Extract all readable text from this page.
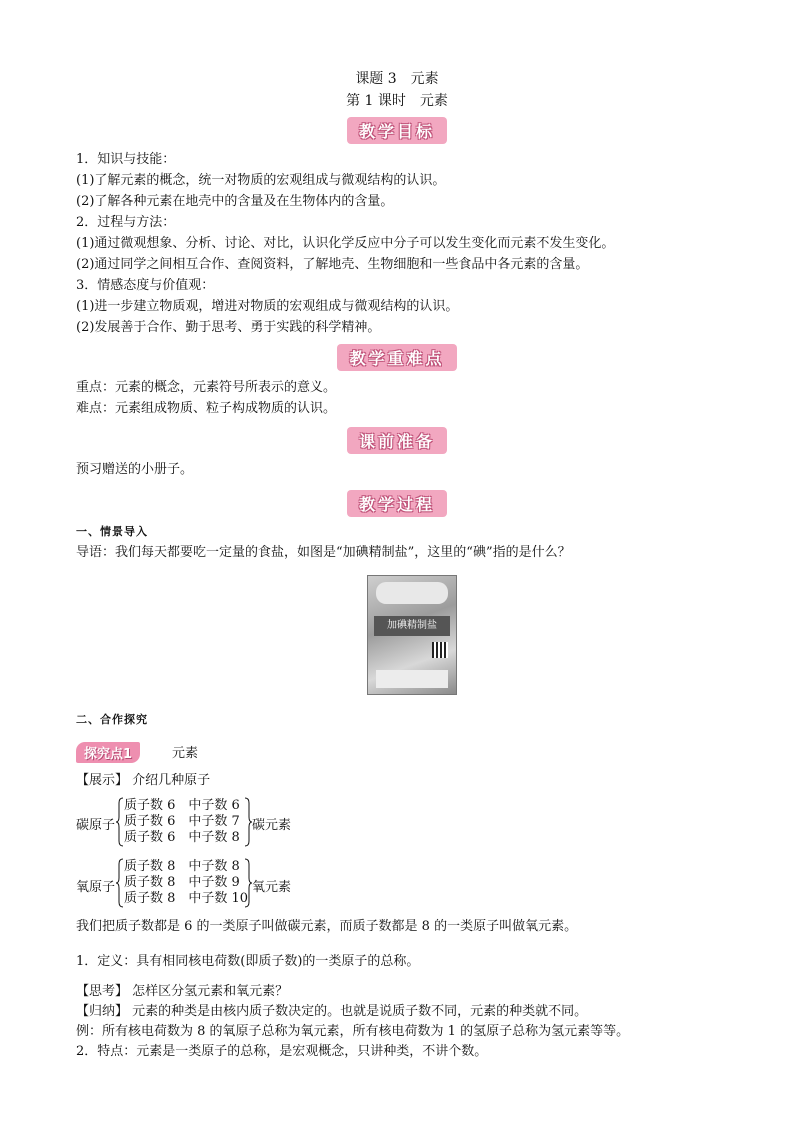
课题 3　元素
第 1 课时　元素
教学目标
1．知识与技能：
(1)了解元素的概念，统一对物质的宏观组成与微观结构的认识。
(2)了解各种元素在地壳中的含量及在生物体内的含量。
2．过程与方法：
(1)通过微观想象、分析、讨论、对比，认识化学反应中分子可以发生变化而元素不发生变化。
(2)通过同学之间相互合作、查阅资料，了解地壳、生物细胞和一些食品中各元素的含量。
3．情感态度与价值观：
(1)进一步建立物质观，增进对物质的宏观组成与微观结构的认识。
(2)发展善于合作、勤于思考、勇于实践的科学精神。
教学重难点
重点：元素的概念，元素符号所表示的意义。
难点：元素组成物质、粒子构成物质的认识。
课前准备
预习赠送的小册子。
教学过程
一、情景导入
导语：我们每天都要吃一定量的食盐，如图是“加碘精制盐”，这里的“碘”指的是什么？
加碘精制盐
二、合作探究
探究点1	元素
【展示】 介绍几种原子
碳原子
质子数 6　中子数 6
质子数 6　中子数 7
质子数 6　中子数 8
碳元素
氧原子
质子数 8　中子数 8
质子数 8　中子数 9
质子数 8　中子数 10
氧元素
我们把质子数都是 6 的一类原子叫做碳元素，而质子数都是 8 的一类原子叫做氧元素。
1．定义：具有相同核电荷数(即质子数)的一类原子的总称。
【思考】 怎样区分氢元素和氧元素？
【归纳】 元素的种类是由核内质子数决定的。也就是说质子数不同，元素的种类就不同。
例：所有核电荷数为 8 的氧原子总称为氧元素，所有核电荷数为 1 的氢原子总称为氢元素等等。
2．特点：元素是一类原子的总称，是宏观概念，只讲种类，不讲个数。
